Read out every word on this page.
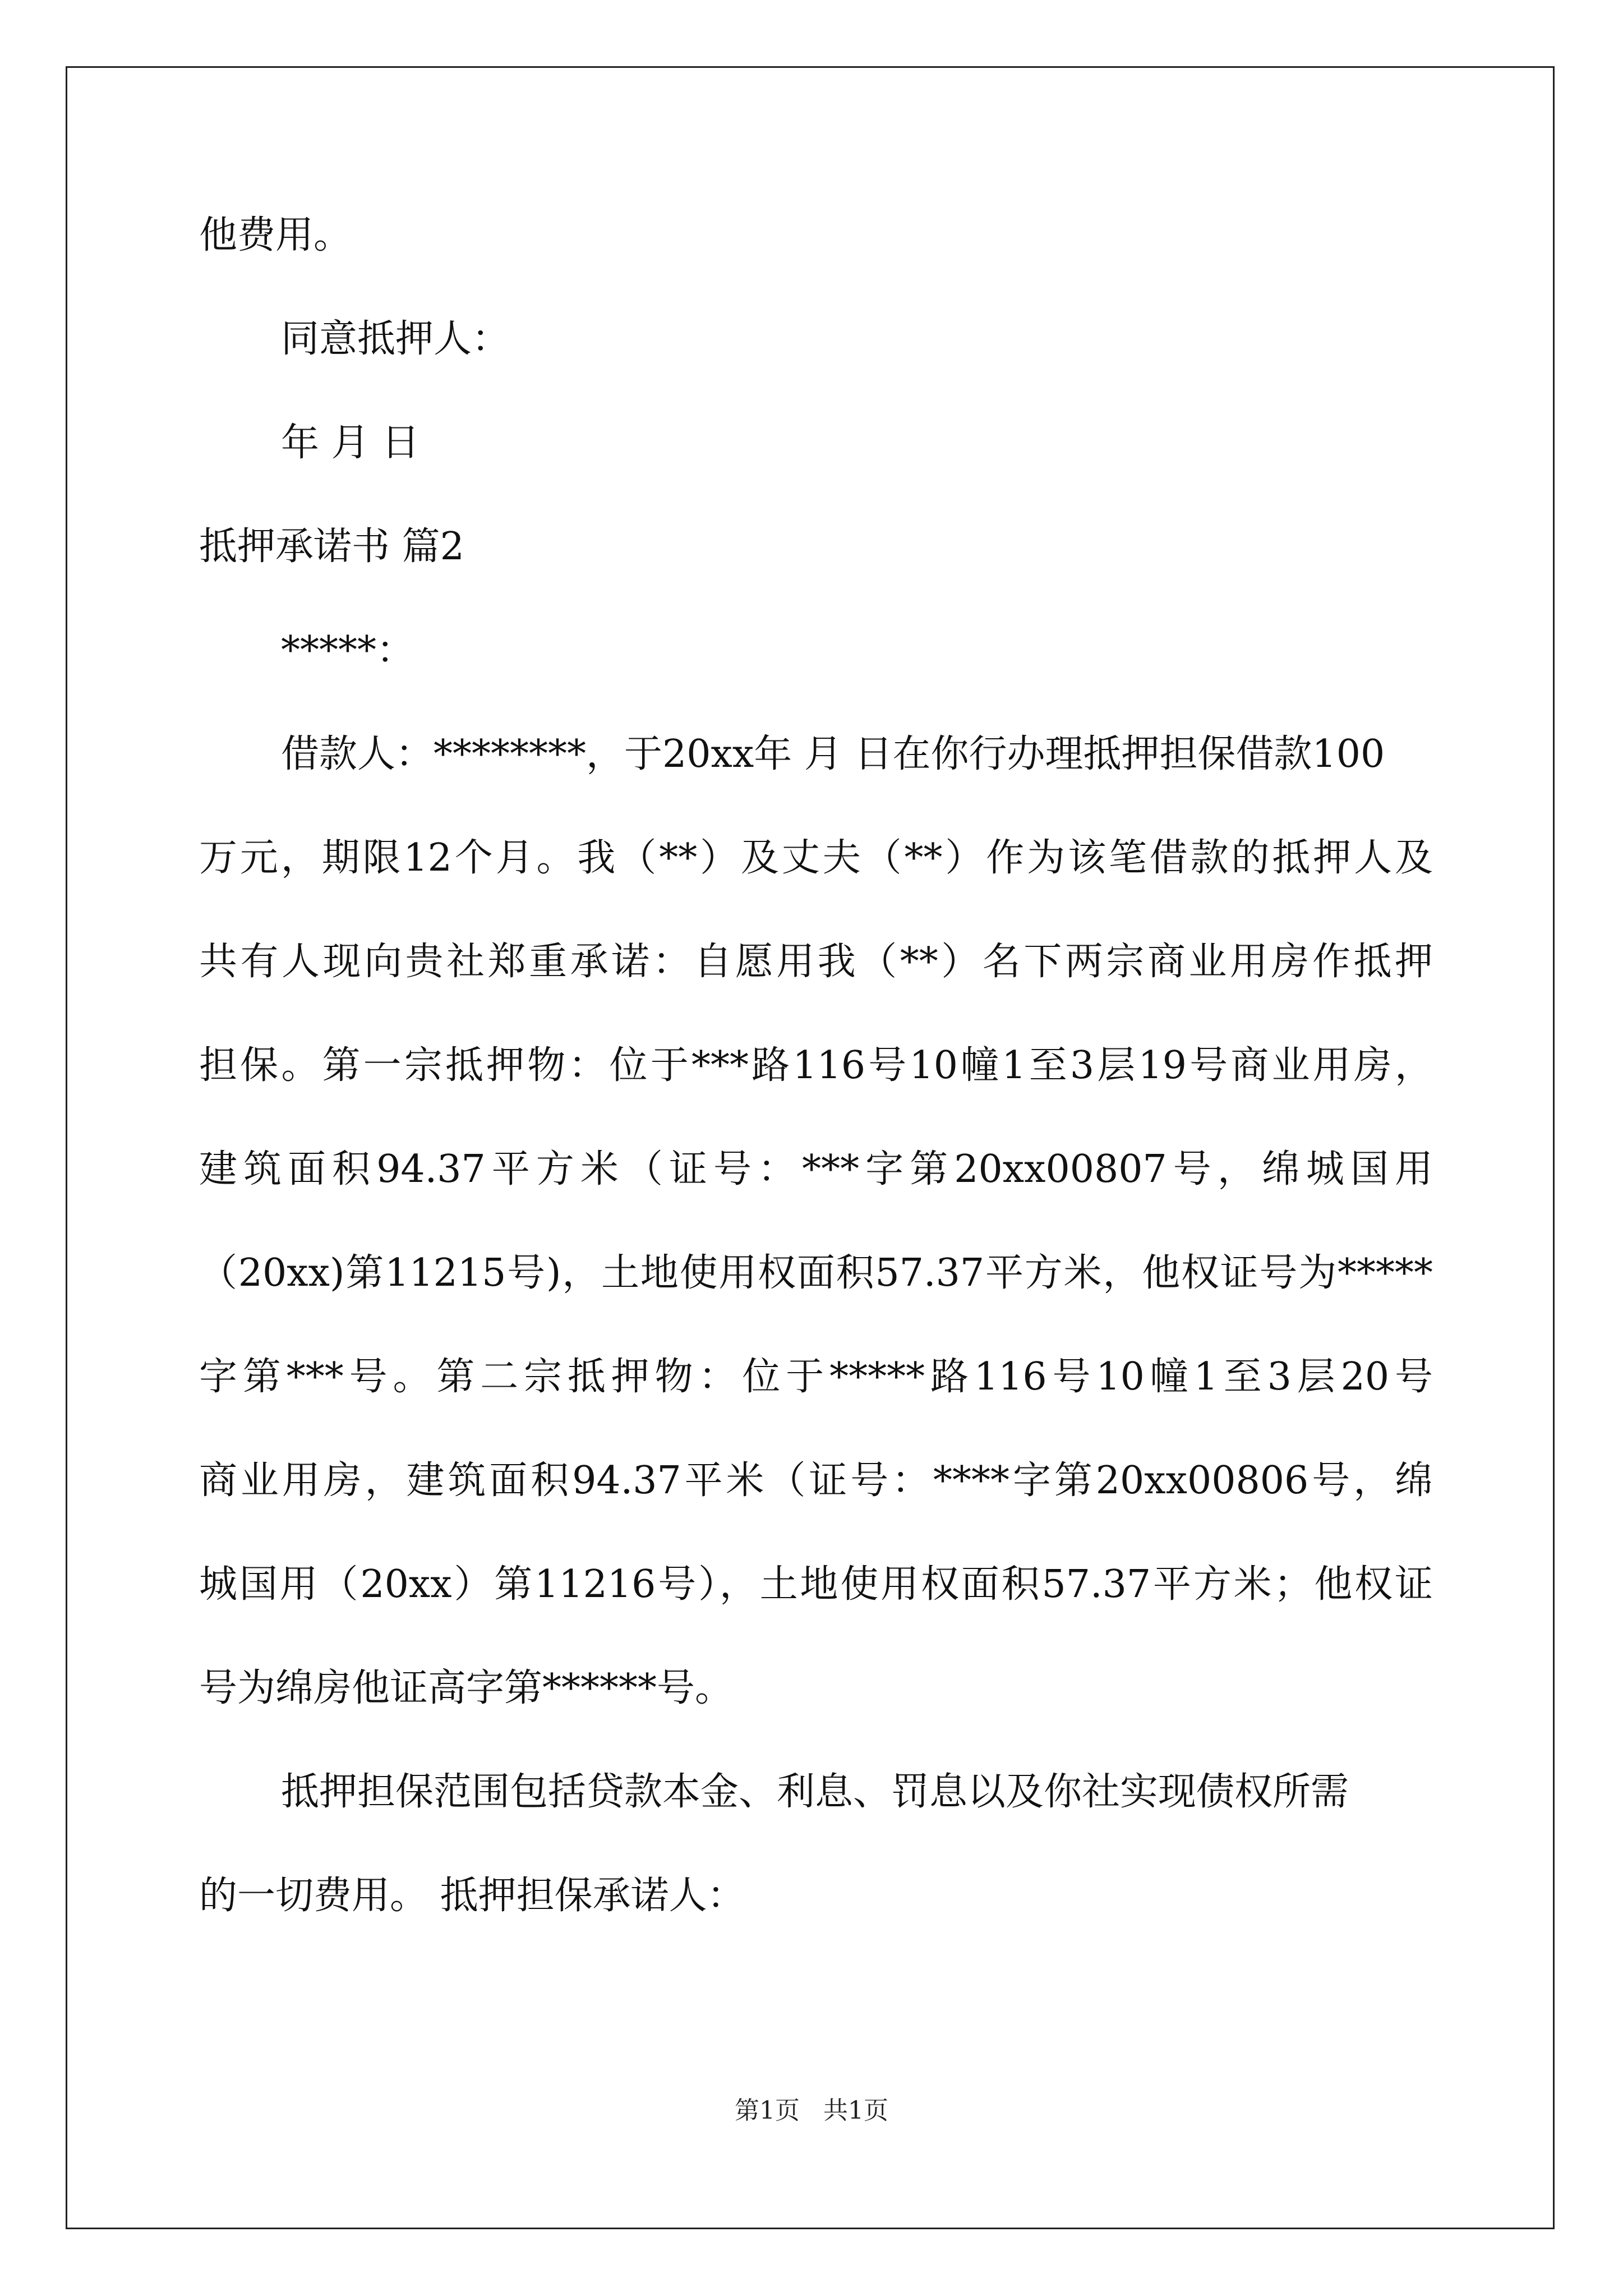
他费用。
同意抵押人：
年 月 日
抵押承诺书 篇2
*****：
借款人：********，于20xx年 月 日在你行办理抵押担保借款100
万元，期限12个月。我（**）及丈夫（**）作为该笔借款的抵押人及
共有人现向贵社郑重承诺：自愿用我（**）名下两宗商业用房作抵押
担保。第一宗抵押物：位于***路116号10幢1至3层19号商业用房，
建筑面积94.37平方米（证号：***字第20xx00807号，绵城国用
（20xx)第11215号)，土地使用权面积57.37平方米，他权证号为*****
字第***号。第二宗抵押物：位于*****路116号10幢1至3层20号
商业用房，建筑面积94.37平米（证号：****字第20xx00806号，绵
城国用（20xx）第11216号），土地使用权面积57.37平方米；他权证
号为绵房他证高字第******号。
抵押担保范围包括贷款本金、利息、罚息以及你社实现债权所需
的一切费用。 抵押担保承诺人：
第1页   共1页
